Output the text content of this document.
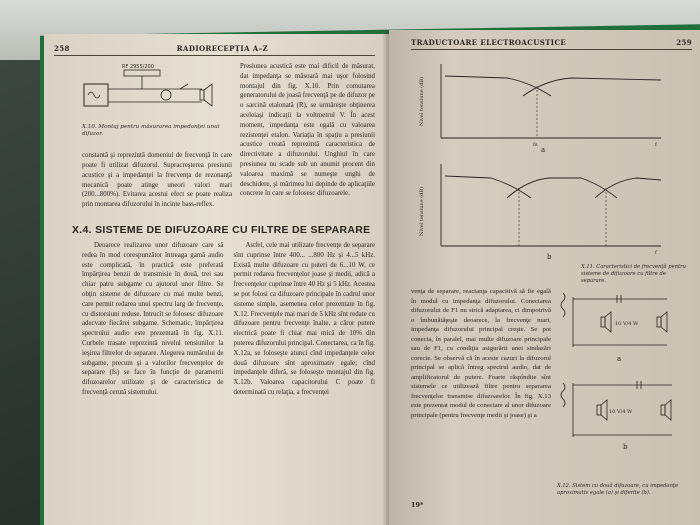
258	RADIORECEPȚIA A–Z
RF 2955/200
X.10. Montaj pentru măsurarea impedanței unui difuzor.
Presiunea acustică este mai dificil de măsurat, dat impedanţa se măsoară mai uşor folosind montajul din fig. X.10. Prin comutarea generatorului de joasă frecvenţă pe de difuzor pe o sarcină etalonată (R), se urmăreşte obţinerea aceleiaşi indicaţii la voltmetrul V. În acest moment, impedanţa este egală cu valoarea rezistenţei etalon. Variaţia în spaţiu a presiunii acustice creată reprezintă caracteristica de directivitate a difuzorului. Unghiul în care presiunea nu scade sub un anumit procent din valoarea maximă se numeşte unghi de deschidere, şi mărimea lui depinde de aplicaţiile concrete în care se folosesc difuzoarele.
constantă şi reprezintă domeniul de frecvenţă în care poate fi utilizat difuzorul. Supracreşterea presiunii acustice şi a impedanţei la frecvenţa de rezonanţă mecanică poate atinge uneori valori mari (200...800%). Evitarea acestui efect se poate realiza prin montarea difuzorului în incinte bass-reflex.
X.4. SISTEME DE DIFUZOARE CU FILTRE DE SEPARARE
Deoarece realizarea unor difuzoare care să redea în mod corespunzător întreaga gamă audio este complicată, în practică este preferată împărţirea benzii de transmisie în două, trei sau chiar patru subgame cu ajutorul unor filtre. Se obţin sisteme de difuzoare cu mai multe benzi, care permit redarea unui spectru larg de frecvenţe, cu distorsiuni reduse. Intrucît se folosesc difuzoare adecvate fiecărei subgame. Schematic, împărţirea spectrului audio este prezentată în fig. X.11. Curbele trasate reprezintă nivelul tensiunilor la ieşirea filtrelor de separare. Alegerea numărului de subgame, precum şi a valorilor frecvenţelor de separare (fs) se face în funcţie de parametrii difuzoarelor utilizate şi de caracteristica de frecvenţă cerută sistemului.
Astfel, cele mai utilizate frecvenţe de separare sînt cuprinse între 400... ...800 Hz şi 4...5 kHz. Există multe difuzoare cu puteri de 6...10 W, ce permit redarea frecvenţelor joase şi medii, adică a frecvenţelor cuprinse între 40 Hz şi 5 kHz. Acestea se pot folosi ca difuzoare principale în cadrul unor sisteme simple, asemenea celor prezentate în fig. X.12. Frecvenţele mai mari de 5 kHz sînt redate cu difuzoare pentru frecvenţe înalte, a căror putere electrică poate fi chiar mai mică de 10% din puterea difuzorului principal. Conectarea, ca în fig. X.12a, se foloseşte atunci cînd impedanţele celor două difuzoare sînt aproximativ egale; cînd impedanţele diferă, se foloseşte montajul din fig. X.12b. Valoarea capacitorului C poate fi determinată cu relaţia, a frecvenţei
TRADUCTOARE ELECTROACUSTICE	259
Nivel tensiune (dB)
a
fs	f
Nivel tensiune (dB)
b	f
X.11. Caracteristici de frecvenţă pentru sisteme de difuzoare cu filtre de separare.
venţa de separare, reactanţa capacitivă să fie egală în modul cu impedanţa difuzorului. Conectarea difuzorului de F1 nu strică adaptarea, ci dimpotrivă o îmbunătăţeşte deoarece, la frecvenţe mari, impedanţa difuzorului principal creşte. Se pot conecta, în paralel, mai multe difuzoare principale sau de F1, cu condiţia asigurării unei sindazări corecte. Se observă că în aceste cazuri la difuzorul principal se aplică întreg spectrul audio, dat de amplificatorul de putere. Foarte răspîndite sînt sistemele ce utilizează filtre pentru separarea frecvenţelor transmise difuzoarelor. În fig. X.13 este prezentat modul de conectare al unor difuzoare principale (pentru frecvenţe medii şi joase) şi a
10 V/4 W
a
10 V/4 W
b
X.12. Sistem cu două difuzoare, cu impedanţe aproximativ egale (a) şi diferite (b).
19*
